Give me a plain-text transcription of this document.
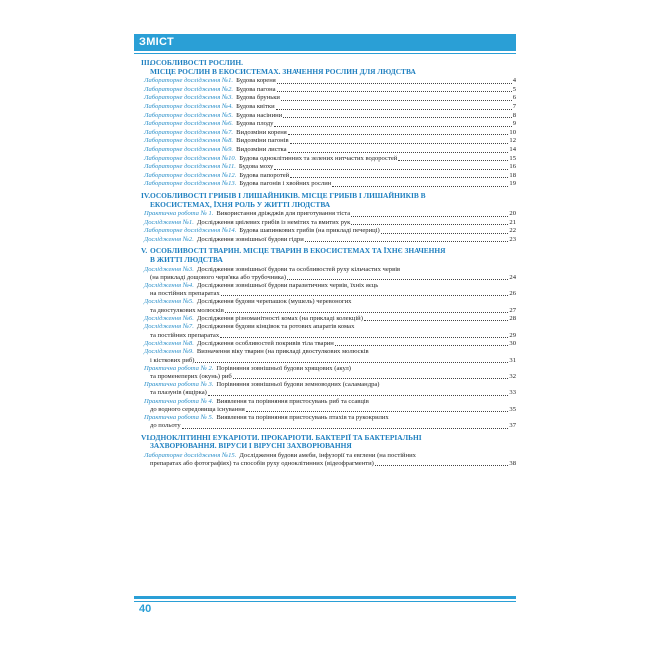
ЗМІСТ
III.
ОСОБЛИВОСТІ РОСЛИН.
МІСЦЕ РОСЛИН В ЕКОСИСТЕМАХ. ЗНАЧЕННЯ РОСЛИН ДЛЯ ЛЮДСТВА
Лабораторне дослідження №1. Будова кореня	4
Лабораторне дослідження №2. Будова пагона	5
Лабораторне дослідження №3. Будова бруньки	6
Лабораторне дослідження №4. Будова квітки	7
Лабораторне дослідження №5. Будова насінини	8
Лабораторне дослідження №6. Будова плоду	9
Лабораторне дослідження №7. Видозміни кореня	10
Лабораторне дослідження №8. Видозміни пагонів	12
Лабораторне дослідження №9. Видозміни листка	14
Лабораторне дослідження №10. Будова одноклітинних та зелених нитчастих водоростей	15
Лабораторне дослідження №11. Будова моху	16
Лабораторне дослідження №12. Будова папоротей	18
Лабораторне дослідження №13. Будова пагонів і хвойних рослин	19
IV. ОСОБЛИВОСТІ ГРИБІВ І ЛИШАЙНИКІВ. МІСЦЕ ГРИБІВ І ЛИШАЙНИКІВ В
ЕКОСИСТЕМАХ, ЇХНЯ РОЛЬ У ЖИТТІ ЛЮДСТВА
Практична робота № 1. Використання дріжджів для приготування тіста	20
Дослідження №1. Дослідження цвілевих грибів із немітих та вмитих рук	21
Лабораторне дослідження №14. Будова шапинкових грибів (на прикладі печериці)	22
Дослідження №2. Дослідження зовнішньої будови гідри	23
V. ОСОБЛИВОСТІ ТВАРИН. МІСЦЕ ТВАРИН В ЕКОСИСТЕМАХ ТА ЇХНЄ ЗНАЧЕННЯ
В ЖИТТІ ЛЮДСТВА
Дослідження №3. Дослідження зовнішньої будови та особливостей руху кільчастих червів
(на прикладі дощового черв'яка або трубочника)	24
Дослідження №4. Дослідження зовнішньої будови паразитичних червів, їхніх яєць
на постійних препаратах	26
Дослідження №5. Дослідження будови черепашок (мушель) черевоногих
та двостулкових молюсків	27
Дослідження №6. Дослідження різноманітності комах (на прикладі колекцій)	28
Дослідження №7. Дослідження будови кінцівок та ротових апаратів комах
та постійних препаратах	29
Дослідження №8. Дослідження особливостей покривів тіла тварин	30
Дослідження №9. Визначення віку тварин (на прикладі двостулкових молюсків
і кісткових риб)	31
Практична робота № 2. Порівняння зовнішньої будови хрящових (акул)
та променеперих (окунь) риб	32
Практична робота № 3. Порівняння зовнішньої будови земноводних (саламандра)
та плазунів (ящірка)	33
Практична робота № 4. Виявлення та порівняння пристосувань риб та ссавців
до водного середовища існування	35
Практична робота № 5. Виявлення та порівняння пристосувань птахів та рукокрилих
до польоту	37
VI.
ОДНОКЛІТИННІ ЕУКАРІОТИ. ПРОКАРІОТИ. БАКТЕРІЇ ТА БАКТЕРІАЛЬНІ
ЗАХВОРЮВАННЯ. ВІРУСИ І ВІРУСНІ ЗАХВОРЮВАННЯ
Лабораторне дослідження №15. Дослідження будови амеби, інфузорії та евглени (на постійних
препаратах або фотографіях) та способів руху одноклітинних (відеофрагменти)	38
40
